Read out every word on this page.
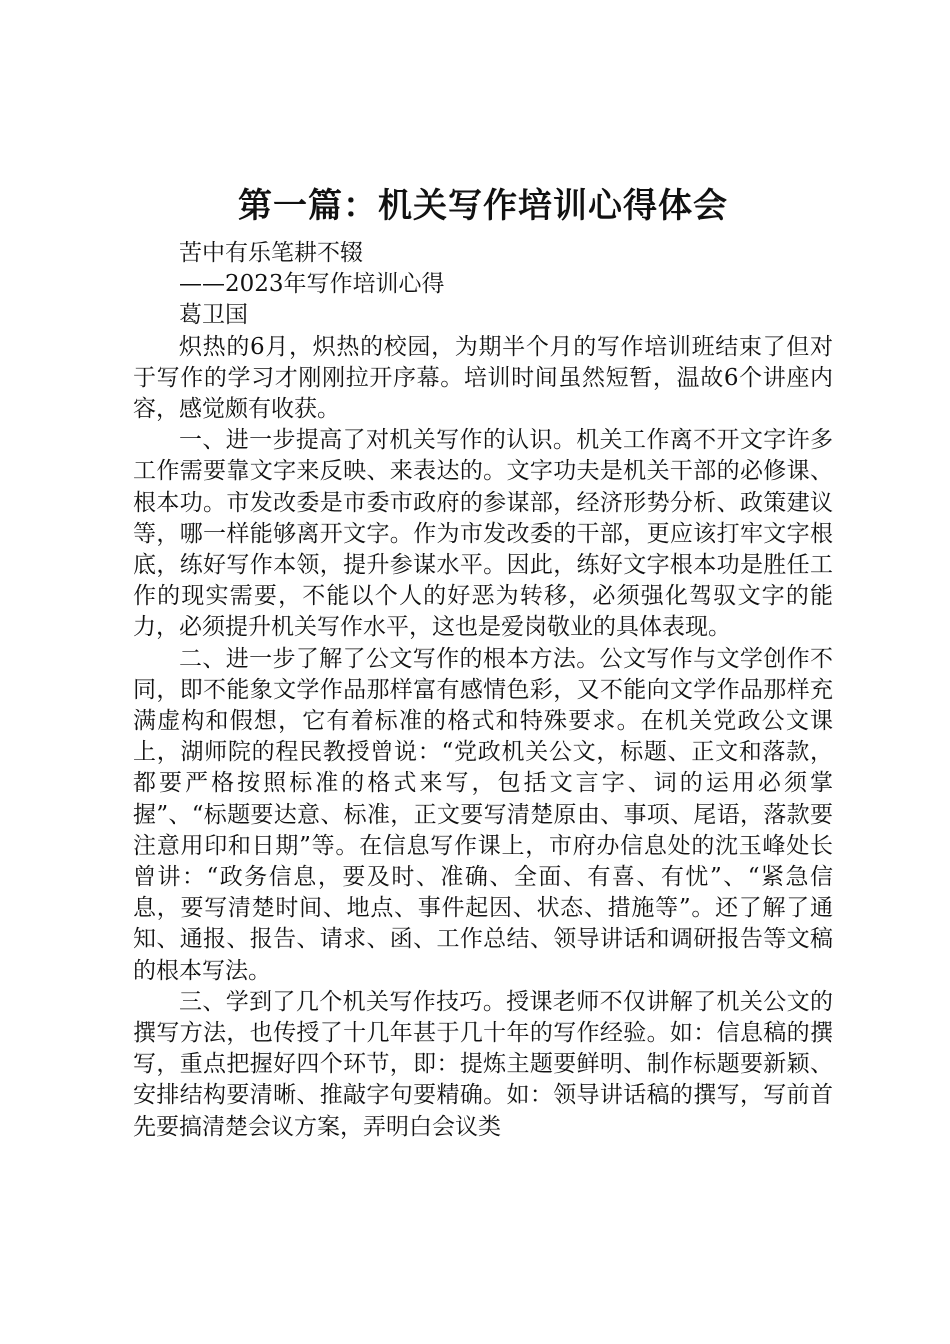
第一篇：机关写作培训心得体会

苦中有乐笔耕不辍

——2023年写作培训心得

葛卫国

炽热的6月，炽热的校园，为期半个月的写作培训班结束了但对于写作的学习才刚刚拉开序幕。培训时间虽然短暂，温故6个讲座内容，感觉颇有收获。

一、进一步提高了对机关写作的认识。机关工作离不开文字许多工作需要靠文字来反映、来表达的。文字功夫是机关干部的必修课、根本功。市发改委是市委市政府的参谋部，经济形势分析、政策建议等，哪一样能够离开文字。作为市发改委的干部，更应该打牢文字根底，练好写作本领，提升参谋水平。因此，练好文字根本功是胜任工作的现实需要，不能以个人的好恶为转移，必须强化驾驭文字的能力，必须提升机关写作水平，这也是爱岗敬业的具体表现。

二、进一步了解了公文写作的根本方法。公文写作与文学创作不同，即不能象文学作品那样富有感情色彩，又不能向文学作品那样充满虚构和假想，它有着标准的格式和特殊要求。在机关党政公文课上，湖师院的程民教授曾说：“党政机关公文，标题、正文和落款，都要严格按照标准的格式来写，包括文言字、词的运用必须掌握”、“标题要达意、标准，正文要写清楚原由、事项、尾语，落款要注意用印和日期”等。在信息写作课上，市府办信息处的沈玉峰处长曾讲：“政务信息，要及时、准确、全面、有喜、有忧”、“紧急信息，要写清楚时间、地点、事件起因、状态、措施等”。还了解了通知、通报、报告、请求、函、工作总结、领导讲话和调研报告等文稿的根本写法。

三、学到了几个机关写作技巧。授课老师不仅讲解了机关公文的撰写方法，也传授了十几年甚于几十年的写作经验。如：信息稿的撰写，重点把握好四个环节，即：提炼主题要鲜明、制作标题要新颖、安排结构要清晰、推敲字句要精确。如：领导讲话稿的撰写，写前首先要搞清楚会议方案，弄明白会议类
